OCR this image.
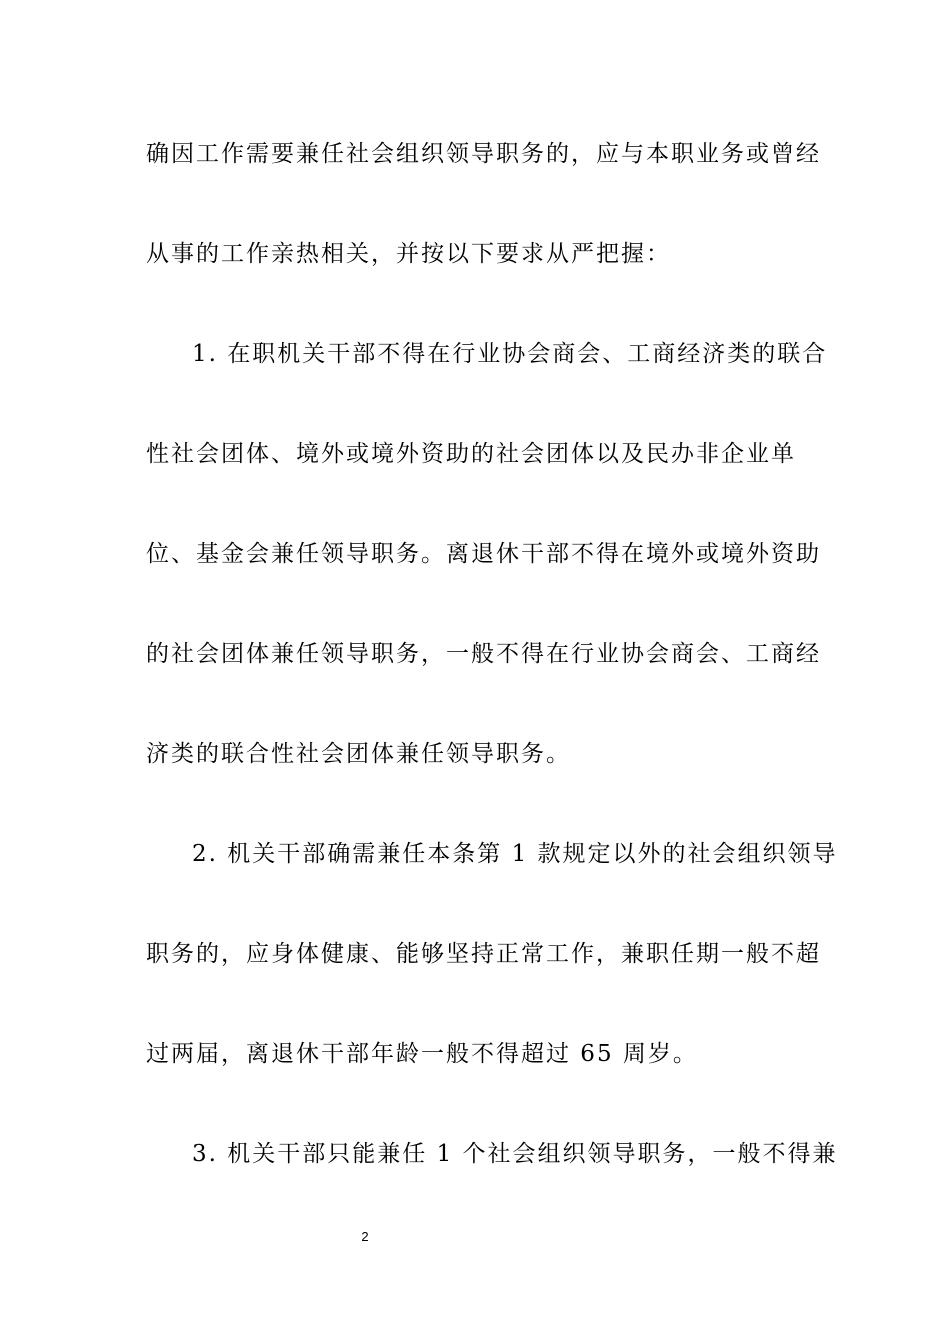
确因工作需要兼任社会组织领导职务的，应与本职业务或曾经
从事的工作亲热相关，并按以下要求从严把握：
1. 在职机关干部不得在行业协会商会、工商经济类的联合
性社会团体、境外或境外资助的社会团体以及民办非企业单
位、基金会兼任领导职务。离退休干部不得在境外或境外资助
的社会团体兼任领导职务，一般不得在行业协会商会、工商经
济类的联合性社会团体兼任领导职务。
2. 机关干部确需兼任本条第 1 款规定以外的社会组织领导
职务的，应身体健康、能够坚持正常工作，兼职任期一般不超
过两届，离退休干部年龄一般不得超过 65 周岁。
3. 机关干部只能兼任 1 个社会组织领导职务，一般不得兼
2
